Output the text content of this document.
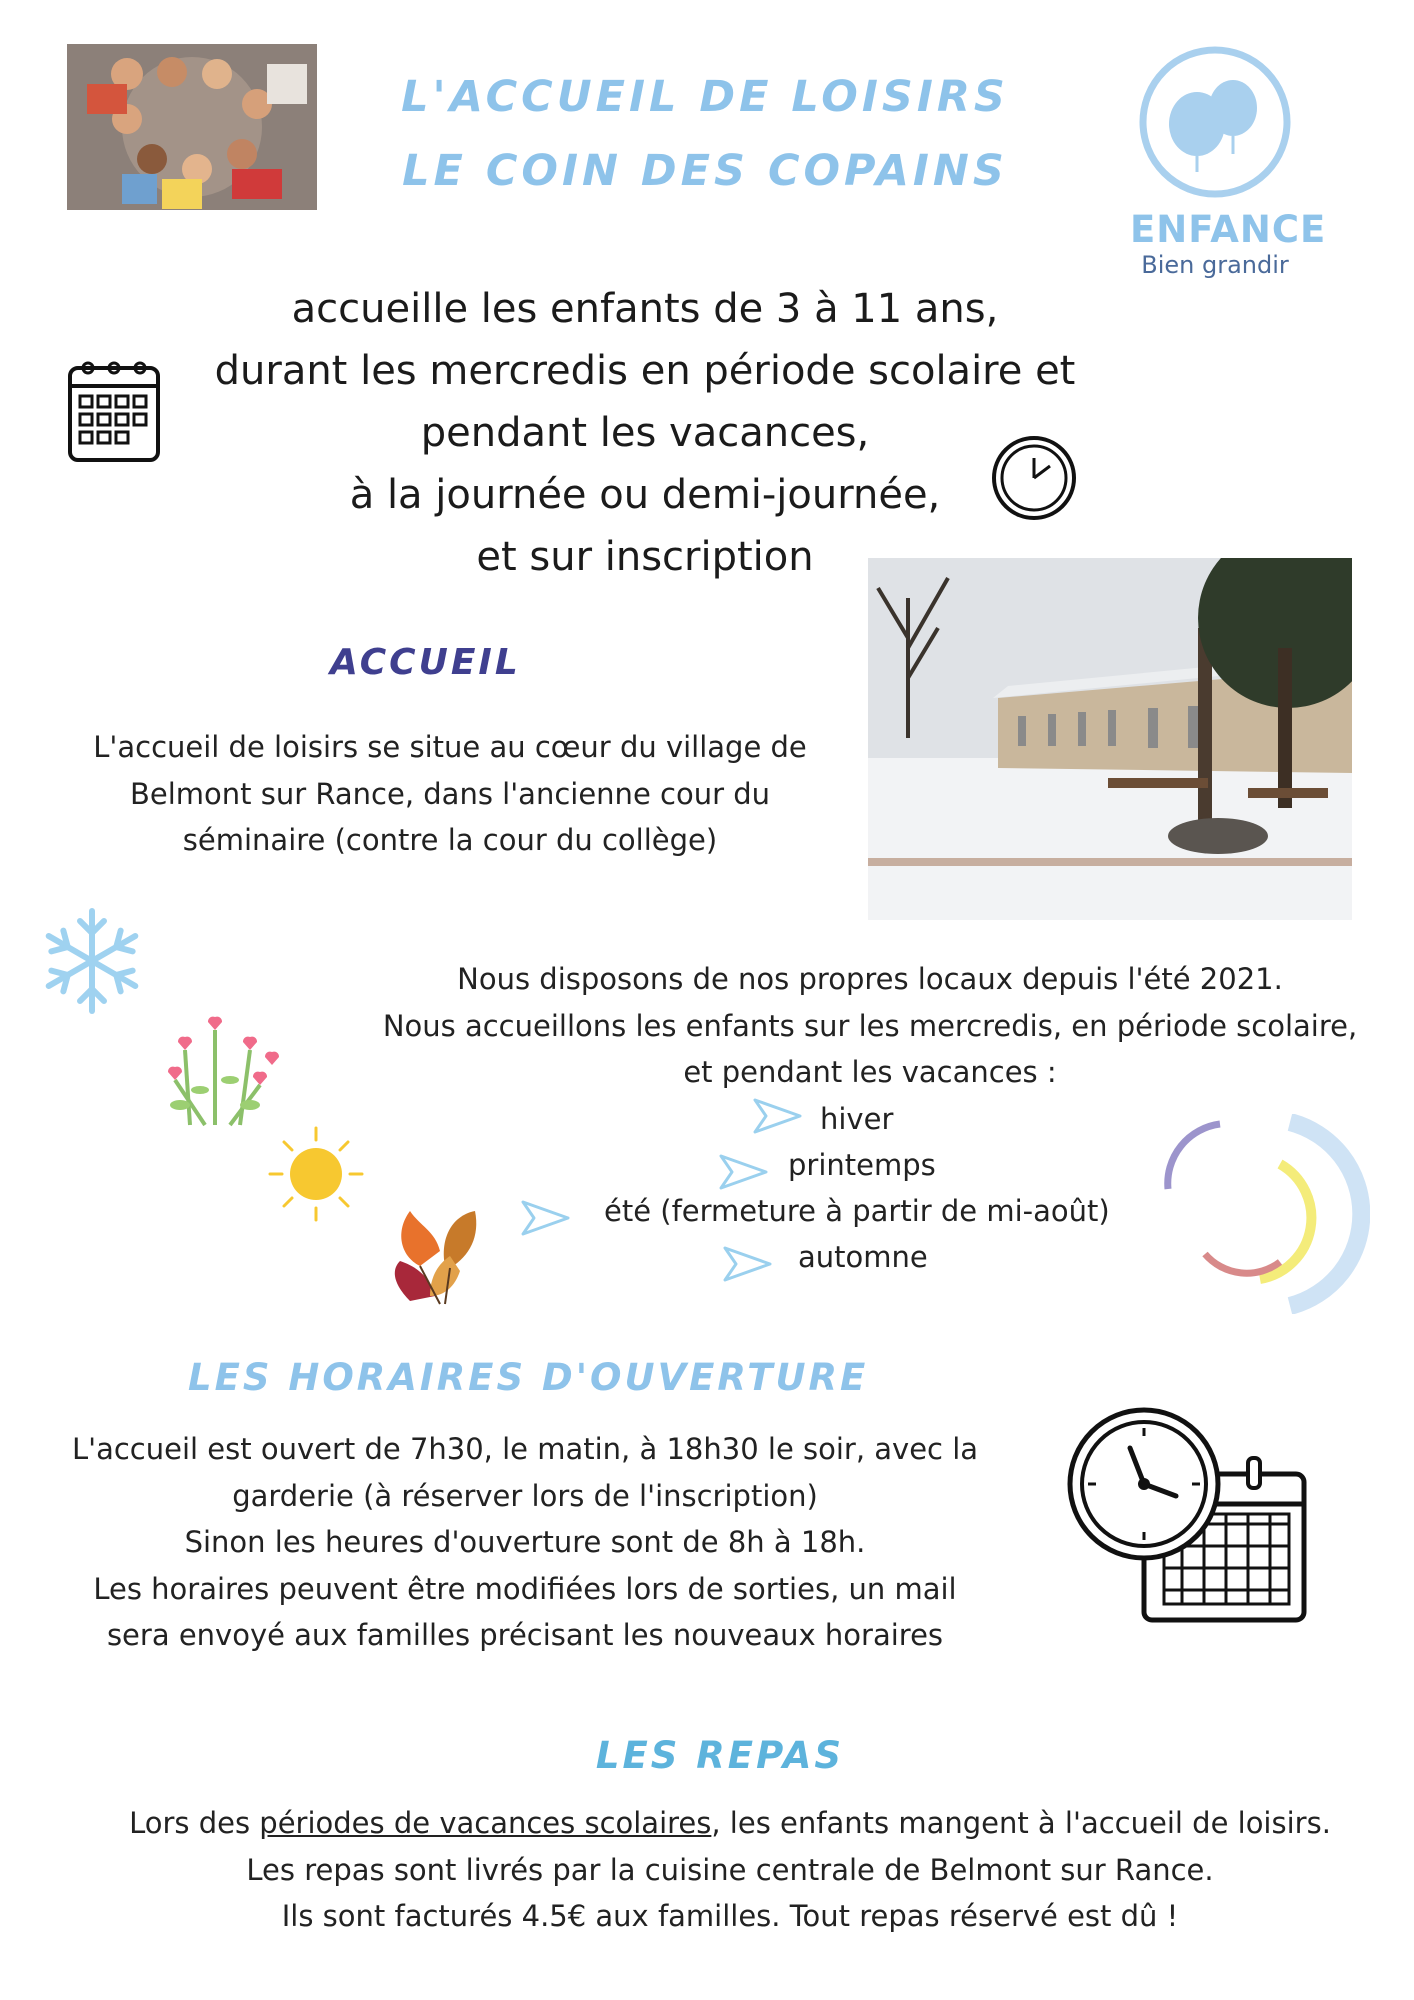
L'ACCUEIL DE LOISIRS
LE COIN DES COPAINS
ENFANCE
Bien grandir
accueille les enfants de 3 à 11 ans,
durant les mercredis en période scolaire et
pendant les vacances,
à la journée ou demi-journée,
et sur inscription
ACCUEIL
L'accueil de loisirs se situe au cœur du village de
Belmont sur Rance, dans l'ancienne cour du
séminaire (contre la cour du collège)
Nous disposons de nos propres locaux depuis l'été 2021.
Nous accueillons les enfants sur les mercredis, en période scolaire,
et pendant les vacances :
hiver
printemps
été (fermeture à partir de mi-août)
automne
LES HORAIRES D'OUVERTURE
L'accueil est ouvert de 7h30, le matin, à 18h30 le soir, avec la
garderie (à réserver lors de l'inscription)
Sinon les heures d'ouverture sont de 8h à 18h.
Les horaires peuvent être modifiées lors de sorties, un mail
sera envoyé aux familles précisant les nouveaux horaires
LES REPAS
Lors des périodes de vacances scolaires, les enfants mangent à l'accueil de loisirs.
Les repas sont livrés par la cuisine centrale de Belmont sur Rance.
Ils sont facturés 4.5€ aux familles. Tout repas réservé est dû !
